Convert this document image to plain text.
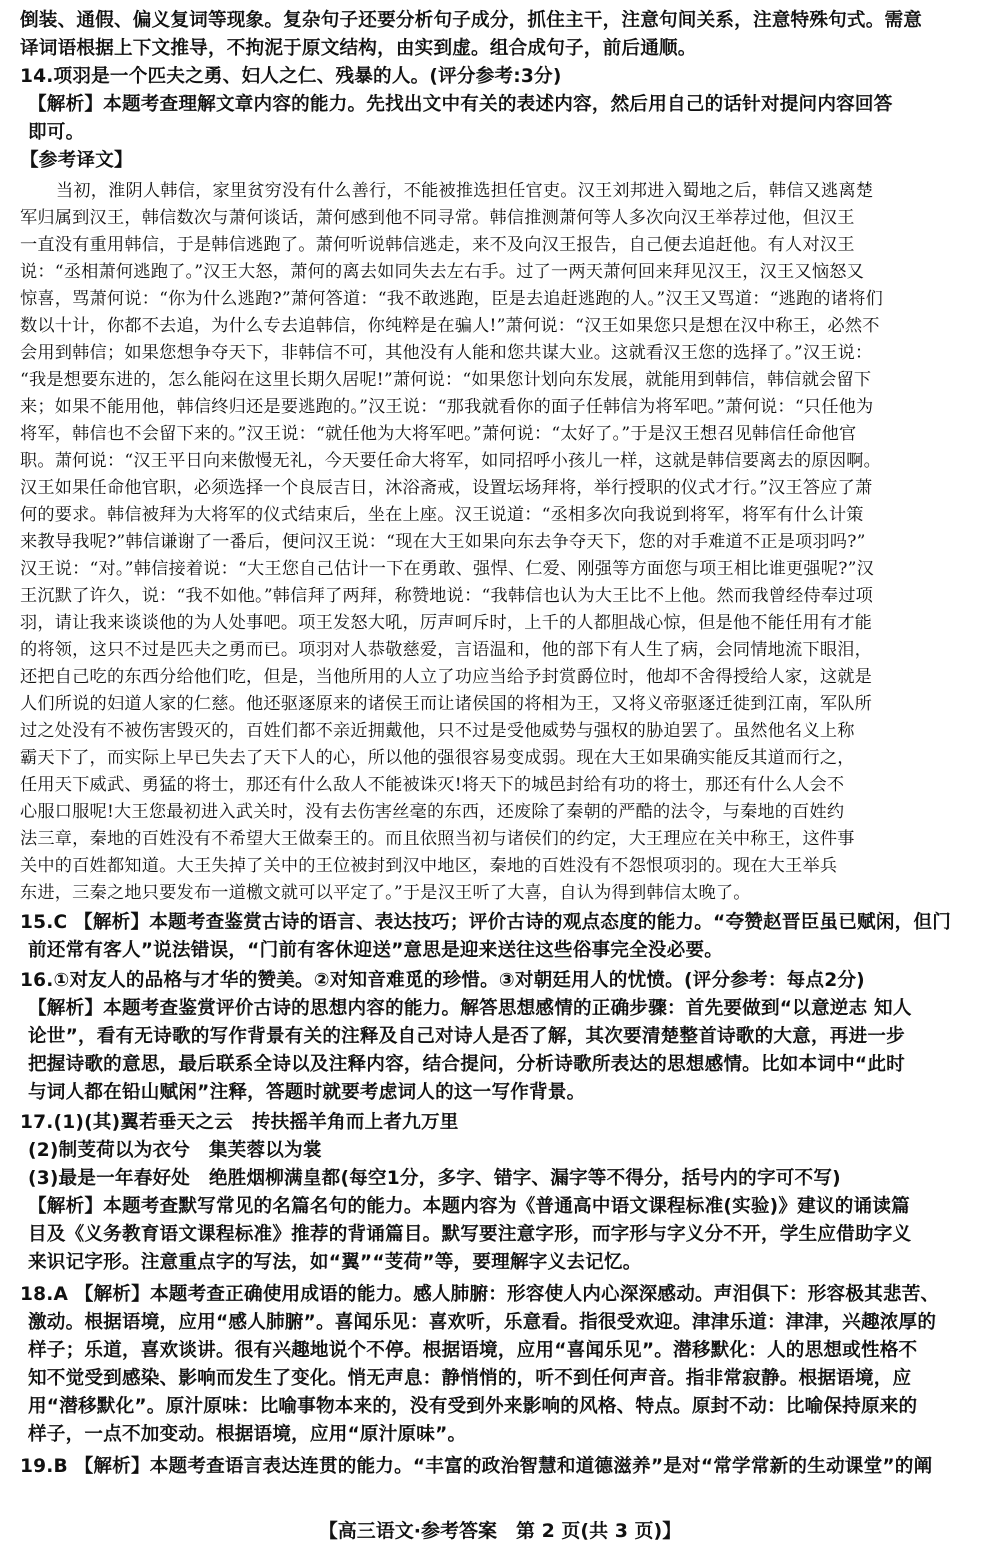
倒装、通假、偏义复词等现象。复杂句子还要分析句子成分，抓住主干，注意句间关系，注意特殊句式。需意
译词语根据上下文推导，不拘泥于原文结构，由实到虚。组合成句子，前后通顺。
14.项羽是一个匹夫之勇、妇人之仁、残暴的人。(评分参考:3分)
【解析】本题考查理解文章内容的能力。先找出文中有关的表述内容，然后用自己的话针对提问内容回答
即可。
【参考译文】
当初，淮阴人韩信，家里贫穷没有什么善行，不能被推选担任官吏。汉王刘邦进入蜀地之后，韩信又逃离楚
军归属到汉王，韩信数次与萧何谈话，萧何感到他不同寻常。韩信推测萧何等人多次向汉王举荐过他，但汉王
一直没有重用韩信，于是韩信逃跑了。萧何听说韩信逃走，来不及向汉王报告，自己便去追赶他。有人对汉王
说：“丞相萧何逃跑了。”汉王大怒，萧何的离去如同失去左右手。过了一两天萧何回来拜见汉王，汉王又恼怒又
惊喜，骂萧何说：“你为什么逃跑?”萧何答道：“我不敢逃跑，臣是去追赶逃跑的人。”汉王又骂道：“逃跑的诸将们
数以十计，你都不去追，为什么专去追韩信，你纯粹是在骗人!”萧何说：“汉王如果您只是想在汉中称王，必然不
会用到韩信；如果您想争夺天下，非韩信不可，其他没有人能和您共谋大业。这就看汉王您的选择了。”汉王说：
“我是想要东进的，怎么能闷在这里长期久居呢!”萧何说：“如果您计划向东发展，就能用到韩信，韩信就会留下
来；如果不能用他，韩信终归还是要逃跑的。”汉王说：“那我就看你的面子任韩信为将军吧。”萧何说：“只任他为
将军，韩信也不会留下来的。”汉王说：“就任他为大将军吧。”萧何说：“太好了。”于是汉王想召见韩信任命他官
职。萧何说：“汉王平日向来傲慢无礼，今天要任命大将军，如同招呼小孩儿一样，这就是韩信要离去的原因啊。
汉王如果任命他官职，必须选择一个良辰吉日，沐浴斋戒，设置坛场拜将，举行授职的仪式才行。”汉王答应了萧
何的要求。韩信被拜为大将军的仪式结束后，坐在上座。汉王说道：“丞相多次向我说到将军，将军有什么计策
来教导我呢?”韩信谦谢了一番后，便问汉王说：“现在大王如果向东去争夺天下，您的对手难道不正是项羽吗?”
汉王说：“对。”韩信接着说：“大王您自己估计一下在勇敢、强悍、仁爱、刚强等方面您与项王相比谁更强呢?”汉
王沉默了许久，说：“我不如他。”韩信拜了两拜，称赞地说：“我韩信也认为大王比不上他。然而我曾经侍奉过项
羽，请让我来谈谈他的为人处事吧。项王发怒大吼，厉声呵斥时，上千的人都胆战心惊，但是他不能任用有才能
的将领，这只不过是匹夫之勇而已。项羽对人恭敬慈爱，言语温和，他的部下有人生了病，会同情地流下眼泪，
还把自己吃的东西分给他们吃，但是，当他所用的人立了功应当给予封赏爵位时，他却不舍得授给人家，这就是
人们所说的妇道人家的仁慈。他还驱逐原来的诸侯王而让诸侯国的将相为王，又将义帝驱逐迁徙到江南，军队所
过之处没有不被伤害毁灭的，百姓们都不亲近拥戴他，只不过是受他威势与强权的胁迫罢了。虽然他名义上称
霸天下了，而实际上早已失去了天下人的心，所以他的强很容易变成弱。现在大王如果确实能反其道而行之，
任用天下威武、勇猛的将士，那还有什么敌人不能被诛灭!将天下的城邑封给有功的将士，那还有什么人会不
心服口服呢!大王您最初进入武关时，没有去伤害丝毫的东西，还废除了秦朝的严酷的法令，与秦地的百姓约
法三章，秦地的百姓没有不希望大王做秦王的。而且依照当初与诸侯们的约定，大王理应在关中称王，这件事
关中的百姓都知道。大王失掉了关中的王位被封到汉中地区，秦地的百姓没有不怨恨项羽的。现在大王举兵
东进，三秦之地只要发布一道檄文就可以平定了。”于是汉王听了大喜，自认为得到韩信太晚了。
15.C 【解析】本题考查鉴赏古诗的语言、表达技巧；评价古诗的观点态度的能力。“夸赞赵晋臣虽已赋闲，但门
前还常有客人”说法错误，“门前有客休迎送”意思是迎来送往这些俗事完全没必要。
16.①对友人的品格与才华的赞美。②对知音难觅的珍惜。③对朝廷用人的忧愤。(评分参考：每点2分)
【解析】本题考查鉴赏评价古诗的思想内容的能力。解答思想感情的正确步骤：首先要做到“以意逆志 知人
论世”，看有无诗歌的写作背景有关的注释及自己对诗人是否了解，其次要清楚整首诗歌的大意，再进一步
把握诗歌的意思，最后联系全诗以及注释内容，结合提问，分析诗歌所表达的思想感情。比如本词中“此时
与词人都在铅山赋闲”注释，答题时就要考虑词人的这一写作背景。
17.(1)(其)翼若垂天之云　抟扶摇羊角而上者九万里
(2)制芰荷以为衣兮　集芙蓉以为裳
(3)最是一年春好处　绝胜烟柳满皇都(每空1分，多字、错字、漏字等不得分，括号内的字可不写)
【解析】本题考查默写常见的名篇名句的能力。本题内容为《普通高中语文课程标准(实验)》建议的诵读篇
目及《义务教育语文课程标准》推荐的背诵篇目。默写要注意字形，而字形与字义分不开，学生应借助字义
来识记字形。注意重点字的写法，如“翼”“芰荷”等，要理解字义去记忆。
18.A 【解析】本题考查正确使用成语的能力。感人肺腑：形容使人内心深深感动。声泪俱下：形容极其悲苦、
激动。根据语境，应用“感人肺腑”。喜闻乐见：喜欢听，乐意看。指很受欢迎。津津乐道：津津，兴趣浓厚的
样子；乐道，喜欢谈讲。很有兴趣地说个不停。根据语境，应用“喜闻乐见”。潜移默化：人的思想或性格不
知不觉受到感染、影响而发生了变化。悄无声息：静悄悄的，听不到任何声音。指非常寂静。根据语境，应
用“潜移默化”。原汁原味：比喻事物本来的，没有受到外来影响的风格、特点。原封不动：比喻保持原来的
样子，一点不加变动。根据语境，应用“原汁原味”。
19.B 【解析】本题考查语言表达连贯的能力。“丰富的政治智慧和道德滋养”是对“常学常新的生动课堂”的阐
【高三语文·参考答案　第 2 页(共 3 页)】
